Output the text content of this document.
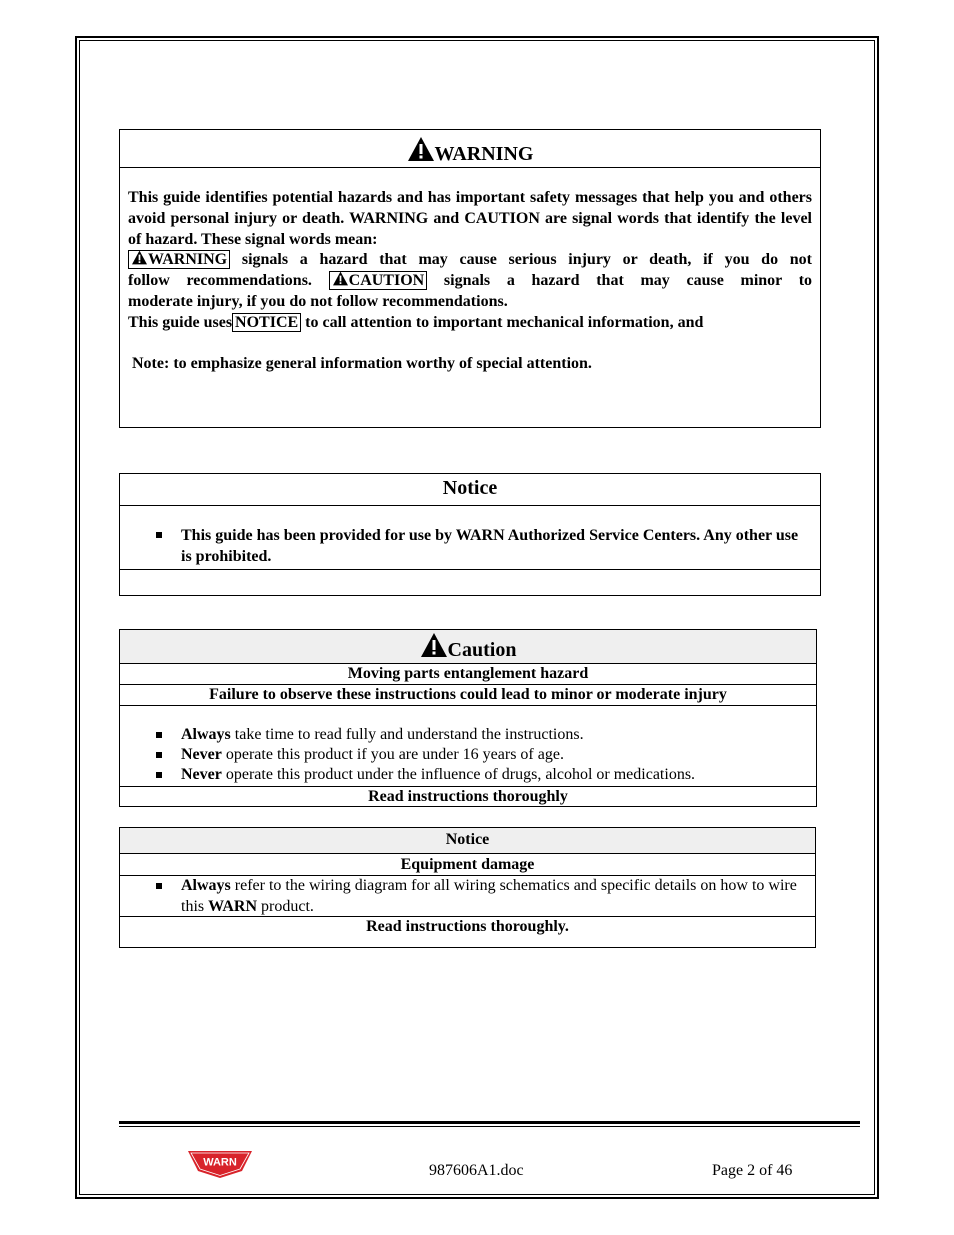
WARNING
This guide identifies potential hazards and has important safety messages that help you and others avoid personal injury or death. WARNING and CAUTION are signal words that identify the level of hazard. These signal words mean:
WARNING signals a hazard that may cause serious injury or death, if you do not
follow recommendations. CAUTION signals a hazard that may cause minor to
moderate injury, if you do not follow recommendations.
This guide uses NOTICE to call attention to important mechanical information, and
Note: to emphasize general information worthy of special attention.
Notice
This guide has been provided for use by WARN Authorized Service Centers. Any other use is prohibited.
Caution
Moving parts entanglement hazard
Failure to observe these instructions could lead to minor or moderate injury
Always take time to read fully and understand the instructions.
Never operate this product if you are under 16 years of age.
Never operate this product under the influence of drugs, alcohol or medications.
Read instructions thoroughly
Notice
Equipment damage
Always refer to the wiring diagram for all wiring schematics and specific details on how to wire this WARN product.
Read instructions thoroughly.
WARN	987606A1.doc	Page 2 of 46
